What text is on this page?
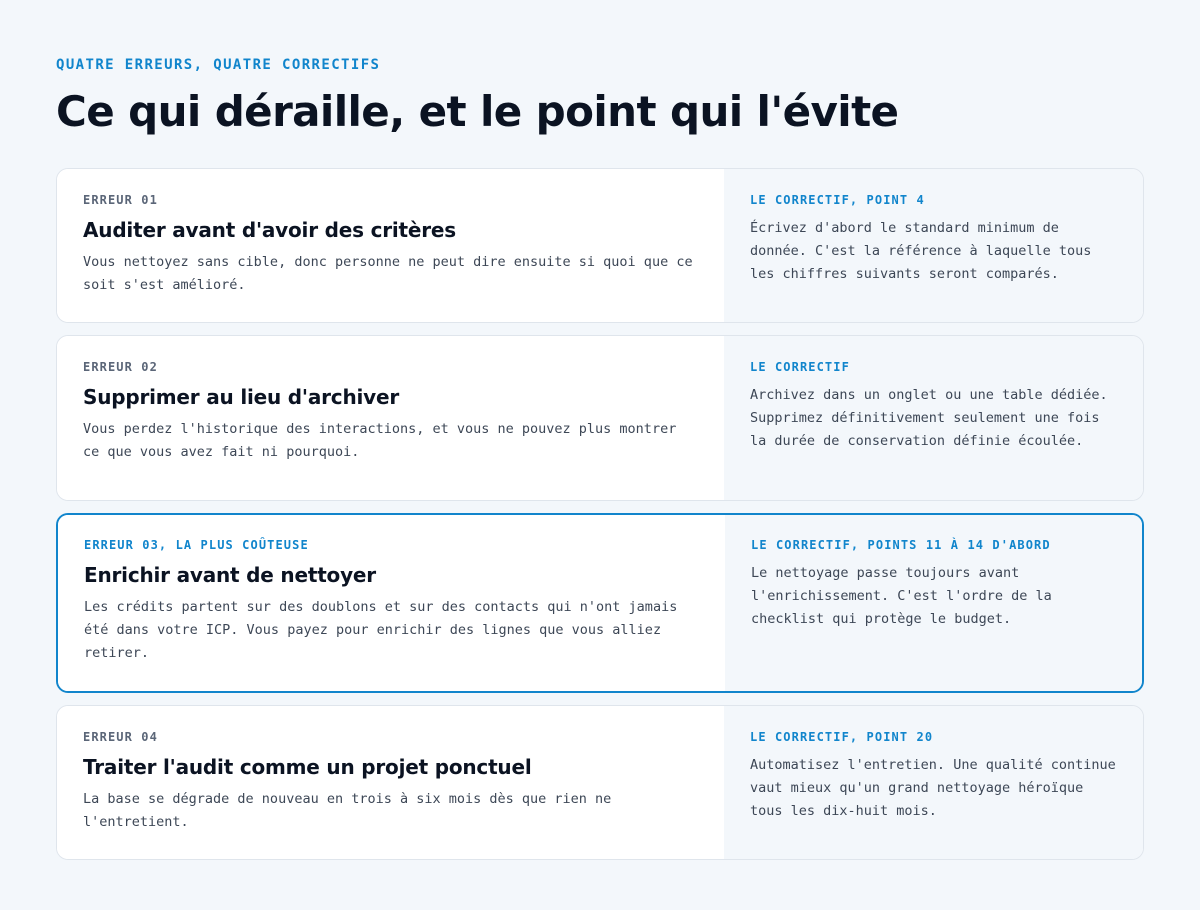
QUATRE ERREURS, QUATRE CORRECTIFS
Ce qui déraille, et le point qui l'évite
ERREUR 01
Auditer avant d'avoir des critères
Vous nettoyez sans cible, donc personne ne peut dire ensuite si quoi que ce soit s'est amélioré.
LE CORRECTIF, POINT 4
Écrivez d'abord le standard minimum de donnée. C'est la référence à laquelle tous les chiffres suivants seront comparés.
ERREUR 02
Supprimer au lieu d'archiver
Vous perdez l'historique des interactions, et vous ne pouvez plus montrer ce que vous avez fait ni pourquoi.
LE CORRECTIF
Archivez dans un onglet ou une table dédiée. Supprimez définitivement seulement une fois la durée de conservation définie écoulée.
ERREUR 03, LA PLUS COÛTEUSE
Enrichir avant de nettoyer
Les crédits partent sur des doublons et sur des contacts qui n'ont jamais été dans votre ICP. Vous payez pour enrichir des lignes que vous alliez retirer.
LE CORRECTIF, POINTS 11 À 14 D'ABORD
Le nettoyage passe toujours avant l'enrichissement. C'est l'ordre de la checklist qui protège le budget.
ERREUR 04
Traiter l'audit comme un projet ponctuel
La base se dégrade de nouveau en trois à six mois dès que rien ne l'entretient.
LE CORRECTIF, POINT 20
Automatisez l'entretien. Une qualité continue vaut mieux qu'un grand nettoyage héroïque tous les dix-huit mois.
